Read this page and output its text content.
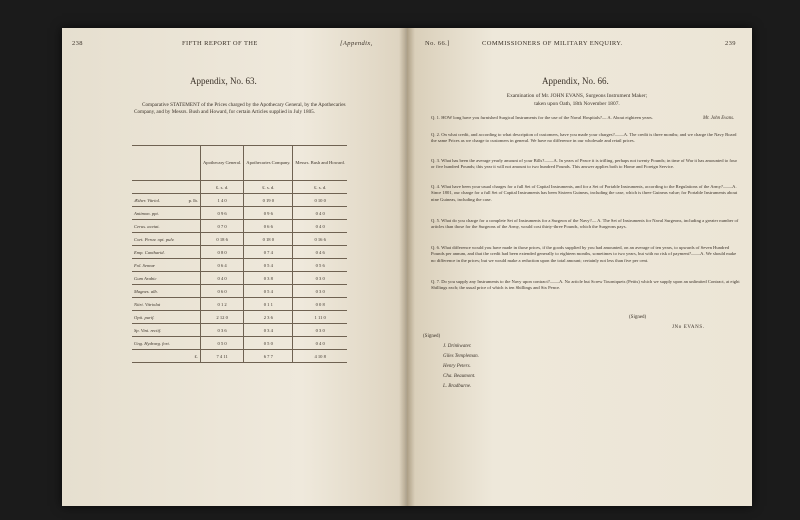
238	FIFTH REPORT OF THE	[Appendix,
Appendix, No. 63.
Comparative STATEMENT of the Prices charged by the Apothecary General, by the Apothecaries Company, and by Messrs. Bush and Howard, for certain Articles supplied in July 1805.
	Apothecary General.	Apothecaries Company.	Messrs. Bush and Howard.
	£. s. d.	£. s. d.	£. s. d.
Æther. Vitriol. p. lb.	1 4 0	0 19 0	0 10 0
Antimon. ppt.	0 9 6	0 9 6	0 4 0
Cerus. acetat.	0 7 0	0 6 6	0 4 0
Cort. Peruv. opt. pulv.	0 18 6	0 18 0	0 16 6
Emp. Cantharid.	0 8 0	0 7 4	0 4 6
Fol. Sennæ	0 6 4	0 5 4	0 5 6
Gum Arabic	0 4 0	0 3 8	0 3 0
Magnes. alb.	0 6 0	0 5 4	0 3 0
Nitri. Vitriolat	0 1 2	0 1 1	0 0 8
Opii. purif.	2 12 0	2 3 6	1 11 0
Sp. Vini. rectif.	0 3 6	0 3 4	0 3 0
Ung. Hydrarg. fort.	0 5 0	0 5 0	0 4 0
£.	7 4 11	6 7 7	4 10 8
No. 66.]	COMMISSIONERS OF MILITARY ENQUIRY.	239
Appendix, No. 66.
Examination of Mr. JOHN EVANS, Surgeons Instrument Maker;
taken upon Oath, 18th November 1807.
Mr. John Evans.
Q. 1. HOW long have you furnished Surgical Instruments for the use of the Naval Hospitals?— A. About eighteen years.
Q. 2. On what credit, and according to what description of customers, have you made your charges?——A. The credit is three months; and we charge the Navy Board the same Prices as we charge to customers in general. We have no difference in our wholesale and retail prices.
Q. 3. What has been the average yearly amount of your Bills?——A. In years of Peace it is trifling, perhaps not twenty Pounds; in time of War it has amounted to four or five hundred Pounds; this year it will not amount to two hundred Pounds. This answer applies both to Home and Foreign Service.
Q. 4. What have been your usual charges for a full Set of Capital Instruments, and for a Set of Portable Instruments, according to the Regulations of the Army?——A. Since 1801, our charge for a full Set of Capital Instruments has been Sixteen Guineas, including the case, which is three Guineas value; for Portable Instruments about nine Guineas, including the case.
Q. 5. What do you charge for a complete Set of Instruments for a Surgeon of the Navy?— A. The Set of Instruments for Naval Surgeons, including a greater number of articles than those for the Surgeons of the Army, would cost thirty-three Pounds, which the Surgeons pays.
Q. 6. What difference would you have made in those prices, if the goods supplied by you had amounted, on an average of ten years, to upwards of Seven Hundred Pounds per annum, and that the credit had been extended generally to eighteen months, sometimes to two years, but with no risk of payment?——A. We should make no difference in the prices; but we would make a reduction upon the total amount; certainly not less than five per cent.
Q. 7. Do you supply any Instruments to the Navy upon contract?——A. No article but Screw Tourniquets (Petits) which we supply upon an unlimited Contract, at eight Shillings each; the usual price of which is ten Shillings and Six Pence.
(Signed)
JNo EVANS.
(Signed)
J. Drinkwater.
Giles Templeman.
Henry Peters.
Cha. Beaumont.
L. Bradburne.
